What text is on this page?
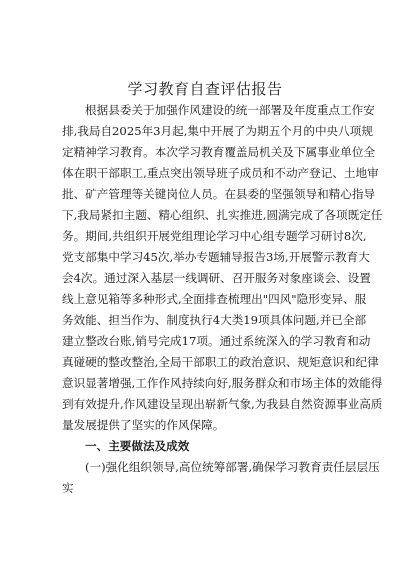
学习教育自查评估报告
根据县委关于加强作风建设的统一部署及年度重点工作安
排,我局自2025年3月起,集中开展了为期五个月的中央八项规
定精神学习教育。本次学习教育覆盖局机关及下属事业单位全
体在职干部职工,重点突出领导班子成员和不动产登记、土地审
批、矿产管理等关键岗位人员。在县委的坚强领导和精心指导
下,我局紧扣主题、精心组织、扎实推进,圆满完成了各项既定任
务。期间,共组织开展党组理论学习中心组专题学习研讨8次,
党支部集中学习45次,举办专题辅导报告3场,开展警示教育大
会4次。通过深入基层一线调研、召开服务对象座谈会、设置
线上意见箱等多种形式,全面排查梳理出"四风"隐形变异、服
务效能、担当作为、制度执行4大类19项具体问题,并已全部
建立整改台账,销号完成17项。通过系统深入的学习教育和动
真碰硬的整改整治,全局干部职工的政治意识、规矩意识和纪律
意识显著增强,工作作风持续向好,服务群众和市场主体的效能得
到有效提升,作风建设呈现出崭新气象,为我县自然资源事业高质
量发展提供了坚实的作风保障。
一、主要做法及成效
(一)强化组织领导,高位统筹部署,确保学习教育责任层层压
实
